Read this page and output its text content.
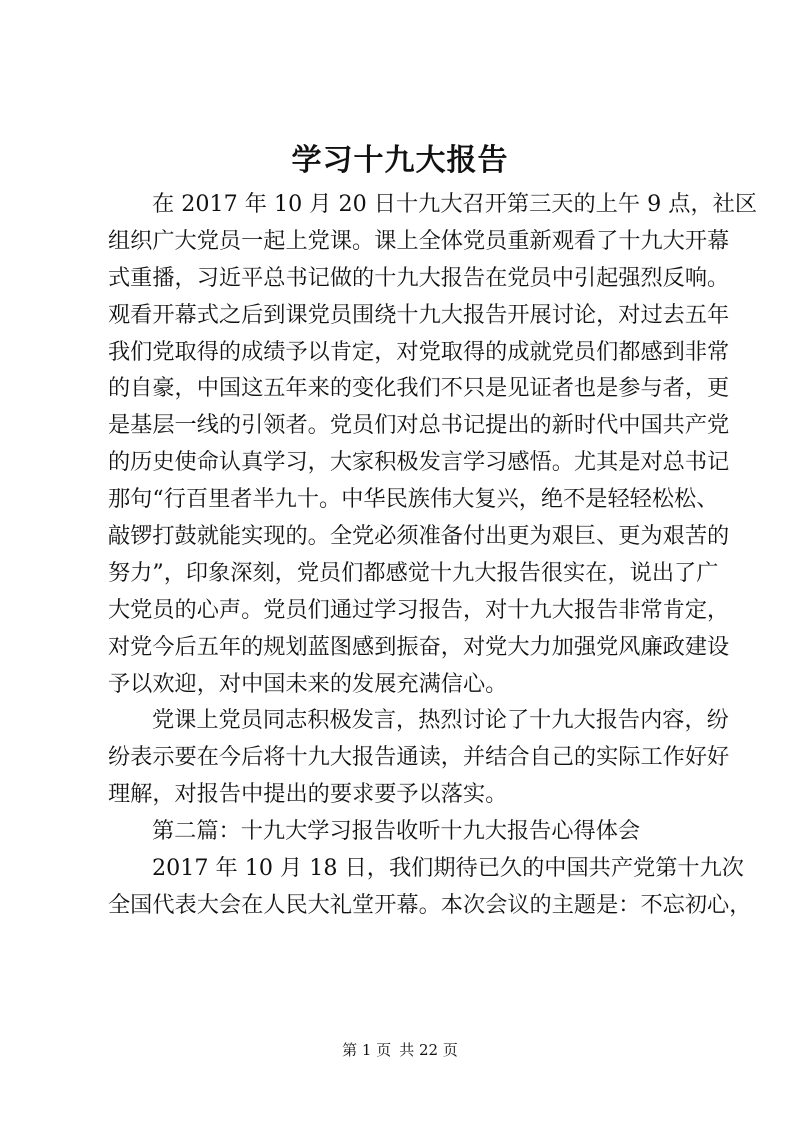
学习十九大报告
在 2017 年 10 月 20 日十九大召开第三天的上午 9 点，社区
组织广大党员一起上党课。课上全体党员重新观看了十九大开幕
式重播，习近平总书记做的十九大报告在党员中引起强烈反响。
观看开幕式之后到课党员围绕十九大报告开展讨论，对过去五年
我们党取得的成绩予以肯定，对党取得的成就党员们都感到非常
的自豪，中国这五年来的变化我们不只是见证者也是参与者，更
是基层一线的引领者。党员们对总书记提出的新时代中国共产党
的历史使命认真学习，大家积极发言学习感悟。尤其是对总书记
那句“行百里者半九十。中华民族伟大复兴，绝不是轻轻松松、
敲锣打鼓就能实现的。全党必须准备付出更为艰巨、更为艰苦的
努力”，印象深刻，党员们都感觉十九大报告很实在，说出了广
大党员的心声。党员们通过学习报告，对十九大报告非常肯定，
对党今后五年的规划蓝图感到振奋，对党大力加强党风廉政建设
予以欢迎，对中国未来的发展充满信心。
党课上党员同志积极发言，热烈讨论了十九大报告内容，纷
纷表示要在今后将十九大报告通读，并结合自己的实际工作好好
理解，对报告中提出的要求要予以落实。
第二篇：十九大学习报告收听十九大报告心得体会
2017 年 10 月 18 日，我们期待已久的中国共产党第十九次
全国代表大会在人民大礼堂开幕。本次会议的主题是：不忘初心，
第 1 页 共 22 页
